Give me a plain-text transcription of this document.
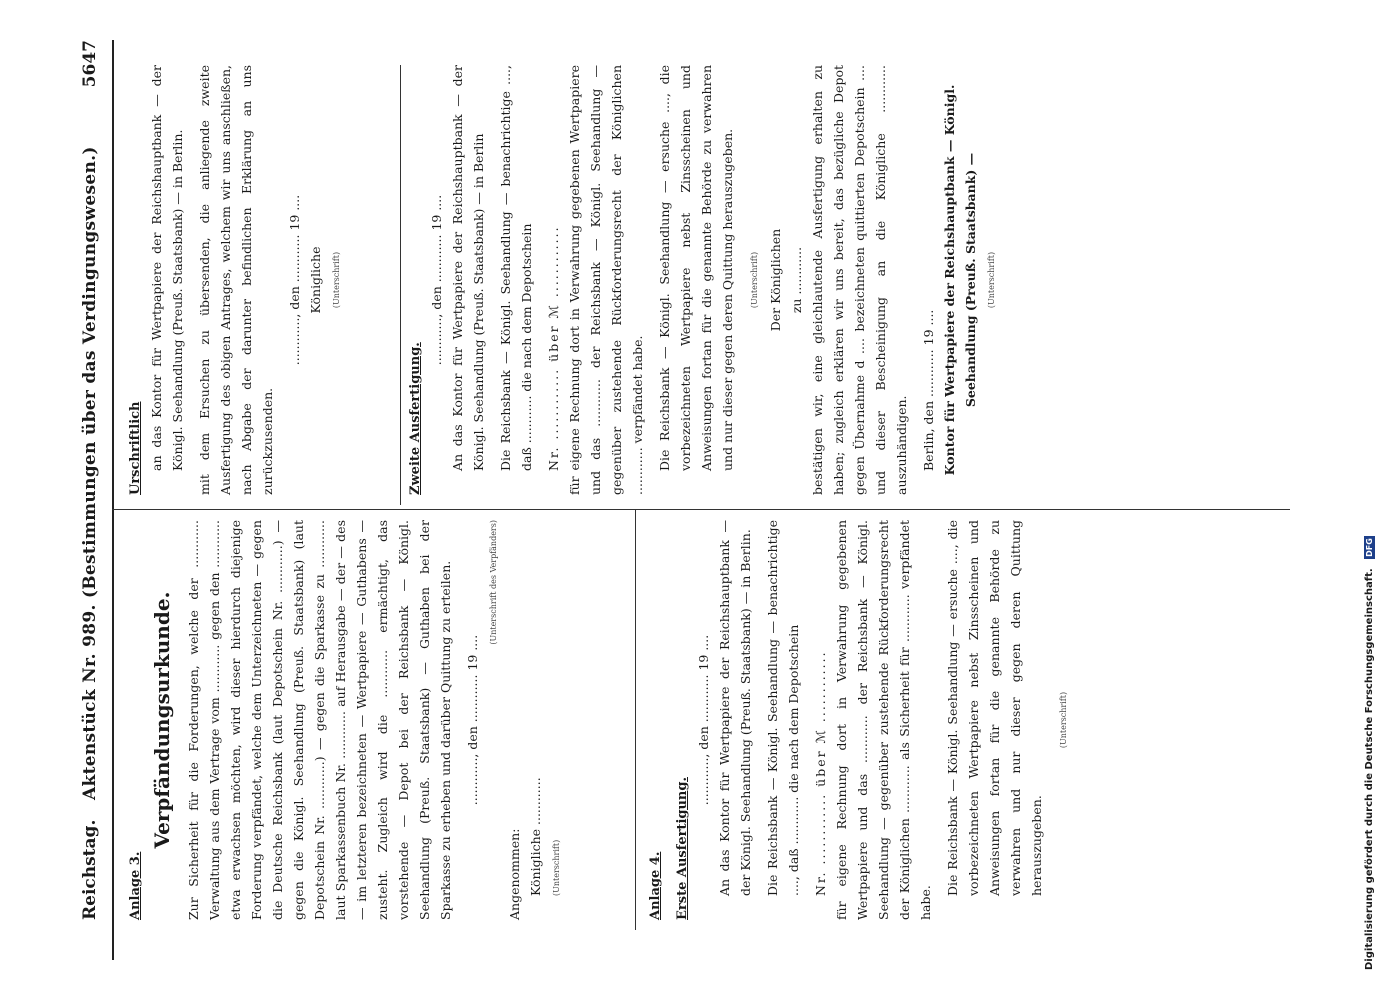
Reichstag.
Aktenstück Nr. 989. (Bestimmungen über das Verdingungswesen.)
5647
Anlage 3.
Verpfändungsurkunde. Zur Sicherheit für die Forderungen, welche der ............ Verwaltung aus dem Vertrage vom ............ gegen den ............ etwa erwachsen möchten, wird dieser hierdurch diejenige Forderung verpfändet, welche dem Unterzeichneten — gegen die Deutsche Reichsbank (laut Depotschein Nr. ............) — gegen die Königl. Seehandlung (Preuß. Staatsbank) (laut Depotschein Nr. ............) — gegen die Sparkasse zu ............ laut Sparkassenbuch Nr. ............ auf Herausgabe — der — des — im letzteren bezeichneten — Wertpapiere — Guthabens — zusteht. Zugleich wird die ............ ermächtigt, das vorstehende — Depot bei der Reichsbank — Königl. Seehandlung (Preuß. Staatsbank) — Guthaben bei der Sparkasse zu erheben und darüber Quittung zu erteilen. ............, den ............ 19 ....
(Unterschrift des Verpfänders)
Angenommen: Königliche ............	(Unterschrift)	Anlage 4. Erste Ausfertigung.
............, den ............ 19 .... An das Kontor für Wertpapiere der Reichshauptbank — der Königl. Seehandlung (Preuß. Staatsbank) — in Berlin. Die Reichsbank — Königl. Seehandlung — benachrichtige ...., daß ............ die nach dem Depotschein Nr. ............ über ℳ ............ für eigene Rechnung dort in Verwahrung gegebenen Wertpapiere und das ............ der Reichsbank — Königl. Seehandlung — gegenüber zustehende Rückforderungsrecht der Königlichen ............ als Sicherheit für ............ verpfändet habe.

Die Reichsbank — Königl. Seehandlung — ersuche ...., die vorbezeichneten Wertpapiere nebst Zinsscheinen und Anweisungen fortan für die genannte Behörde zu verwahren und nur dieser gegen deren Quittung herauszugeben.

(Unterschrift)
Urschriftlich an das Kontor für Wertpapiere der Reichshauptbank — der Königl. Seehandlung (Preuß. Staatsbank) — in Berlin. mit dem Ersuchen zu übersenden, die anliegende zweite Ausfertigung des obigen Antrages, welchem wir uns anschließen, nach Abgabe der darunter befindlichen Erklärung an uns zurückzusenden.

............, den ............ 19 .... Königliche	(Unterschrift)
Zweite Ausfertigung.
............, den ............ 19 .... An das Kontor für Wertpapiere der Reichshauptbank — der Königl. Seehandlung (Preuß. Staatsbank) — in Berlin Die Reichsbank — Königl. Seehandlung — benachrichtige ...., daß ............ die nach dem Depotschein Nr. ............ über ℳ ............ für eigene Rechnung dort in Verwahrung gegebenen Wertpapiere und das ............ der Reichsbank — Königl. Seehandlung — gegenüber zustehende Rückforderungsrecht der Königlichen ............ verpfändet habe. Die Reichsbank — Königl. Seehandlung — ersuche ...., die vorbezeichneten Wertpapiere nebst Zinsscheinen und Anweisungen fortan für die genannte Behörde zu verwahren und nur dieser gegen deren Quittung herauszugeben.	(Unterschrift) Der Königlichen zu ............ bestätigen wir, eine gleichlautende Ausfertigung erhalten zu haben; zugleich erklären wir uns bereit, das bezügliche Depot gegen Übernahme d .... bezeichneten quittierten Depotschein .... und dieser Bescheinigung an die Königliche ............ auszuhändigen. Berlin, den ............ 19 .... Kontor für Wertpapiere der Reichshauptbank — Königl. Seehandlung (Preuß. Staatsbank) —	(Unterschrift)
Digitalisierung gefördert durch die Deutsche Forschungsgemeinschaft. DFG
